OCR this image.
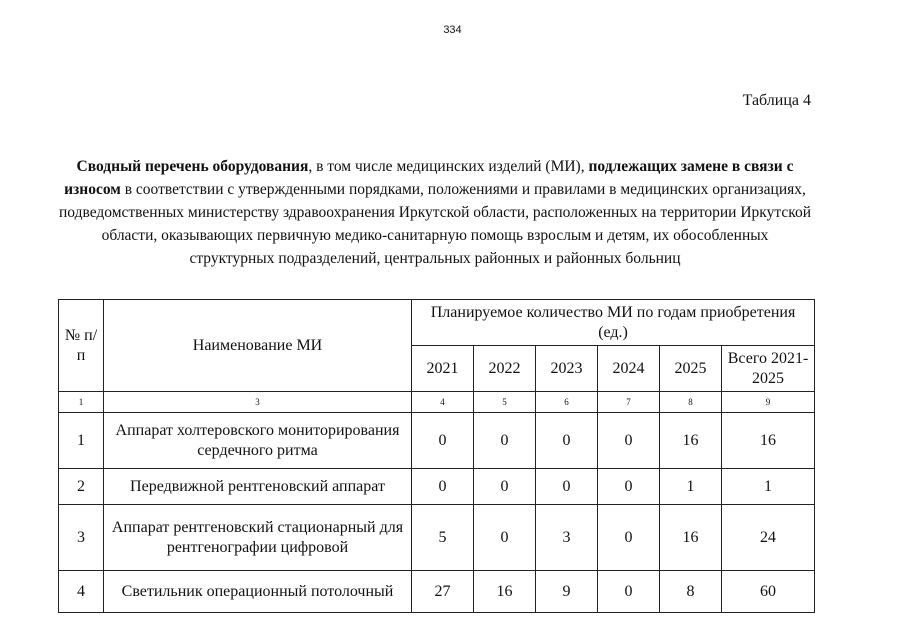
334
Таблица 4
Сводный перечень оборудования, в том числе медицинских изделий (МИ), подлежащих замене в связи с износом в соответствии с утвержденными порядками, положениями и правилами в медицинских организациях, подведомственных министерству здравоохранения Иркутской области, расположенных на территории Иркутской области, оказывающих первичную медико-санитарную помощь взрослым и детям, их обособленных структурных подразделений, центральных районных и районных больниц
№ п/п	Наименование МИ	Планируемое количество МИ по годам приобретения (ед.)					
		2021	2022	2023	2024	2025	Всего 2021-2025
1	3	4	5	6	7	8	9
1	Аппарат холтеровского мониторирования сердечного ритма	0	0	0	0	16	16
2	Передвижной рентгеновский аппарат	0	0	0	0	1	1
3	Аппарат рентгеновский стационарный для рентгенографии цифровой	5	0	3	0	16	24
4	Светильник операционный потолочный	27	16	9	0	8	60
